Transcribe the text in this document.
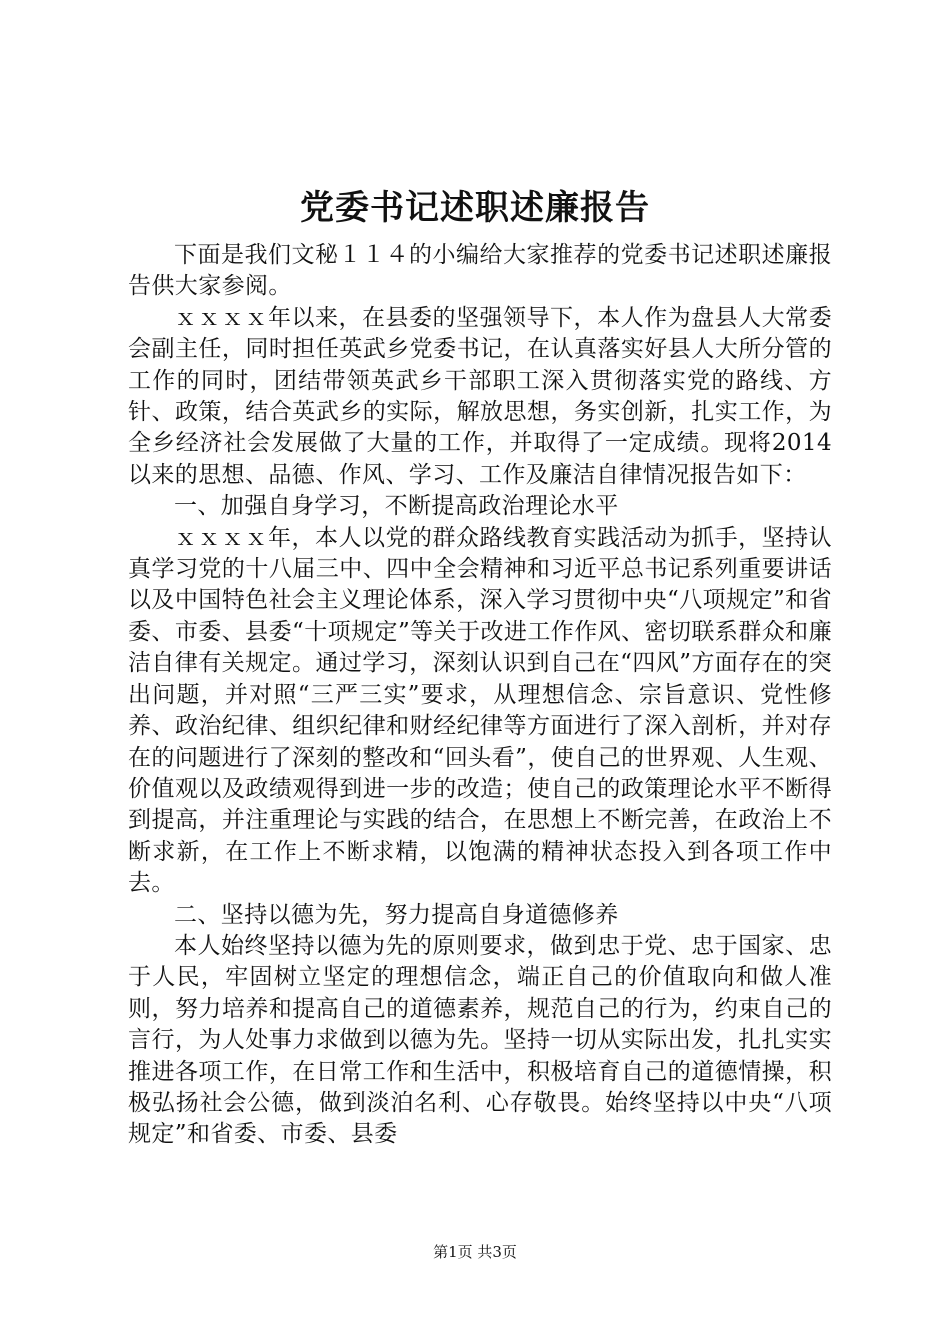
党委书记述职述廉报告

下面是我们文秘１１４的小编给大家推荐的党委书记述职述廉报告供大家参阅。

ｘｘｘｘ年以来，在县委的坚强领导下，本人作为盘县人大常委会副主任，同时担任英武乡党委书记，在认真落实好县人大所分管的工作的同时，团结带领英武乡干部职工深入贯彻落实党的路线、方针、政策，结合英武乡的实际，解放思想，务实创新，扎实工作，为全乡经济社会发展做了大量的工作，并取得了一定成绩。现将2014以来的思想、品德、作风、学习、工作及廉洁自律情况报告如下：

一、加强自身学习，不断提高政治理论水平

ｘｘｘｘ年，本人以党的群众路线教育实践活动为抓手，坚持认真学习党的十八届三中、四中全会精神和习近平总书记系列重要讲话以及中国特色社会主义理论体系，深入学习贯彻中央“八项规定”和省委、市委、县委“十项规定”等关于改进工作作风、密切联系群众和廉洁自律有关规定。通过学习，深刻认识到自己在“四风”方面存在的突出问题，并对照“三严三实”要求，从理想信念、宗旨意识、党性修养、政治纪律、组织纪律和财经纪律等方面进行了深入剖析，并对存在的问题进行了深刻的整改和“回头看”，使自己的世界观、人生观、价值观以及政绩观得到进一步的改造；使自己的政策理论水平不断得到提高，并注重理论与实践的结合，在思想上不断完善，在政治上不断求新，在工作上不断求精，以饱满的精神状态投入到各项工作中去。

二、坚持以德为先，努力提高自身道德修养

本人始终坚持以德为先的原则要求，做到忠于党、忠于国家、忠于人民，牢固树立坚定的理想信念，端正自己的价值取向和做人准则，努力培养和提高自己的道德素养，规范自己的行为，约束自己的言行，为人处事力求做到以德为先。坚持一切从实际出发，扎扎实实推进各项工作，在日常工作和生活中，积极培育自己的道德情操，积极弘扬社会公德，做到淡泊名利、心存敬畏。始终坚持以中央“八项规定”和省委、市委、县委

第1页 共3页
